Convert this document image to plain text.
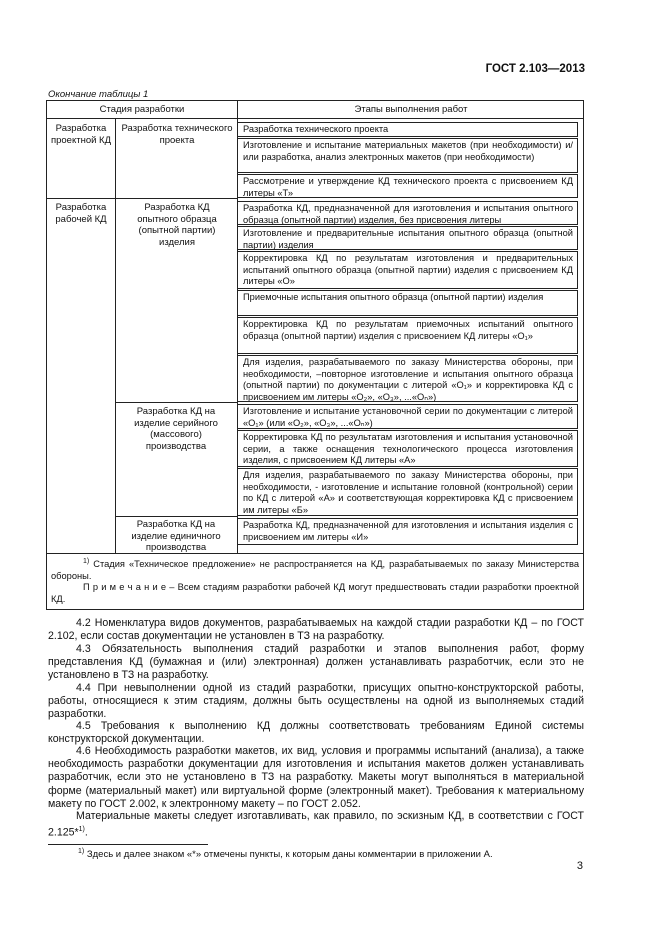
ГОСТ 2.103—2013
Окончание таблицы 1
Стадия разработки	Этапы выполнения работ
Разработка проектной КД
Разработка технического проекта
Разработка рабочей КД
Разработка КД опытного образца (опытной партии) изделия
Разработка КД на изделие серийного (массового) производства
Разработка КД на изделие единичного производства
Разработка технического проекта
Изготовление и испытание материальных макетов (при необходимости) и/или разработка, анализ электронных макетов (при необходимости)
Рассмотрение и утверждение КД технического проекта с присвоением КД литеры «Т»
Разработка КД, предназначенной для изготовления и испытания опытного образца (опытной партии) изделия, без присвоения литеры
Изготовление и предварительные испытания опытного образца (опытной партии) изделия
Корректировка КД по результатам изготовления и предварительных испытаний опытного образца (опытной партии) изделия с присвоением КД литеры «О»
Приемочные испытания опытного образца (опытной партии) изделия
Корректировка КД по результатам приемочных испытаний опытного образца (опытной партии) изделия с присвоением КД литеры «О₁»
Для изделия, разрабатываемого по заказу Министерства обороны, при необходимости, –повторное изготовление и испытания опытного образца (опытной партии) по документации с литерой «О₁» и корректировка КД с присвоением им литеры «О₂», «О₃», ...«Оₙ»)
Изготовление и испытание установочной серии по документации с литерой «О₁» (или «О₂», «О₃», ...«Оₙ»)
Корректировка КД по результатам изготовления и испытания установочной серии, а также оснащения технологического процесса изготовления изделия, с присвоением КД литеры «А»
Для изделия, разрабатываемого по заказу Министерства обороны, при необходимости, - изготовление и испытание головной (контрольной) серии по КД с литерой «А» и соответствующая корректировка КД с присвоением им литеры «Б»
Разработка КД, предназначенной для изготовления и испытания изделия с присвоением им литеры «И»
$^{1)}$ Стадия «Техническое предложение» не распространяется на КД, разрабатываемых по заказу Министерства обороны.
П р и м е ч а н и е – Всем стадиям разработки рабочей КД могут предшествовать стадии разработки проектной КД.
4.2 Номенклатура видов документов, разрабатываемых на каждой стадии разработки КД – по ГОСТ 2.102, если состав документации не установлен в ТЗ на разработку.
4.3 Обязательность выполнения стадий разработки и этапов выполнения работ, форму представления КД (бумажная и (или) электронная) должен устанавливать разработчик, если это не установлено в ТЗ на разработку.
4.4 При невыполнении одной из стадий разработки, присущих опытно-конструкторской работы, работы, относящиеся к этим стадиям, должны быть осуществлены на одной из выполняемых стадий разработки.
4.5 Требования к выполнению КД должны соответствовать требованиям Единой системы конструкторской документации.
4.6 Необходимость разработки макетов, их вид, условия и программы испытаний (анализа), а также необходимость разработки документации для изготовления и испытания макетов должен устанавливать разработчик, если это не установлено в ТЗ на разработку. Макеты могут выполняться в материальной форме (материальный макет) или виртуальной форме (электронный макет). Требования к материальному макету по ГОСТ 2.002, к электронному макету – по ГОСТ 2.052.
Материальные макеты следует изготавливать, как правило, по эскизным КД, в соответствии с ГОСТ 2.125*$^{1)}$.
$^{1)}$ Здесь и далее знаком «*» отмечены пункты, к которым даны комментарии в приложении А.
3
